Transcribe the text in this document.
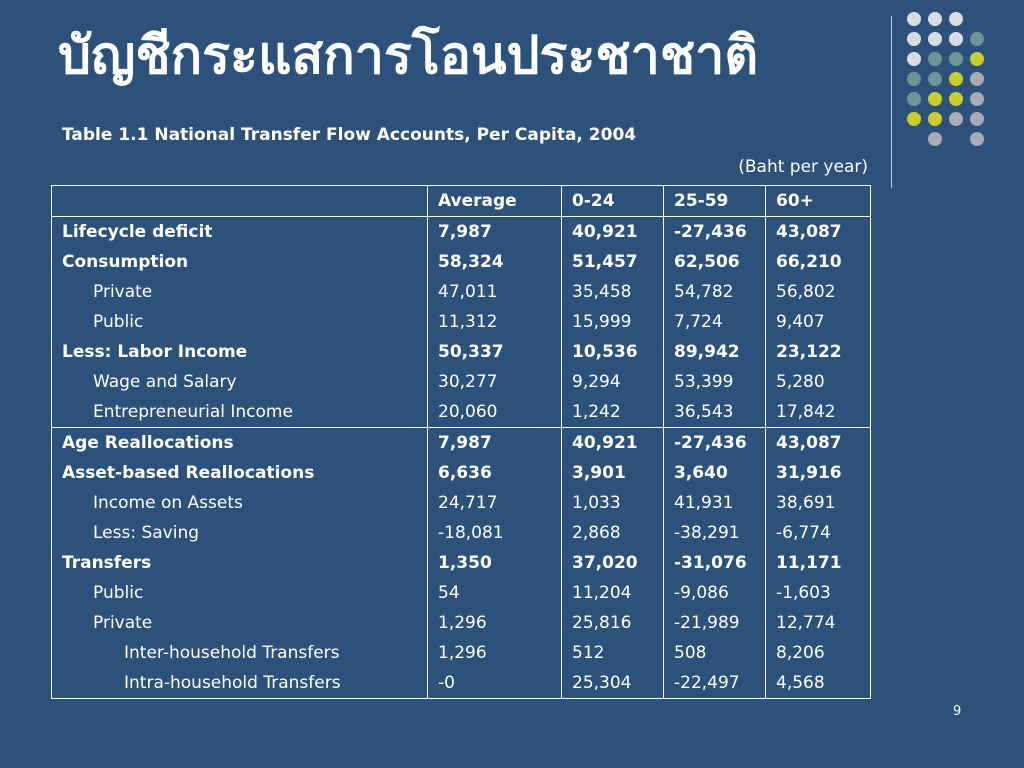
บัญชีกระแสการโอนประชาชาติ
Table 1.1 National Transfer Flow Accounts, Per Capita, 2004
(Baht per year)
	Average	0-24	25-59	60+
Lifecycle deficit	7,987	40,921	-27,436	43,087
Consumption	58,324	51,457	62,506	66,210
Private	47,011	35,458	54,782	56,802
Public	11,312	15,999	7,724	9,407
Less: Labor Income	50,337	10,536	89,942	23,122
Wage and Salary	30,277	9,294	53,399	5,280
Entrepreneurial Income	20,060	1,242	36,543	17,842
Age Reallocations	7,987	40,921	-27,436	43,087
Asset-based Reallocations	6,636	3,901	3,640	31,916
Income on Assets	24,717	1,033	41,931	38,691
Less: Saving	-18,081	2,868	-38,291	-6,774
Transfers	1,350	37,020	-31,076	11,171
Public	54	11,204	-9,086	-1,603
Private	1,296	25,816	-21,989	12,774
Inter-household Transfers	1,296	512	508	8,206
Intra-household Transfers	-0	25,304	-22,497	4,568
9
